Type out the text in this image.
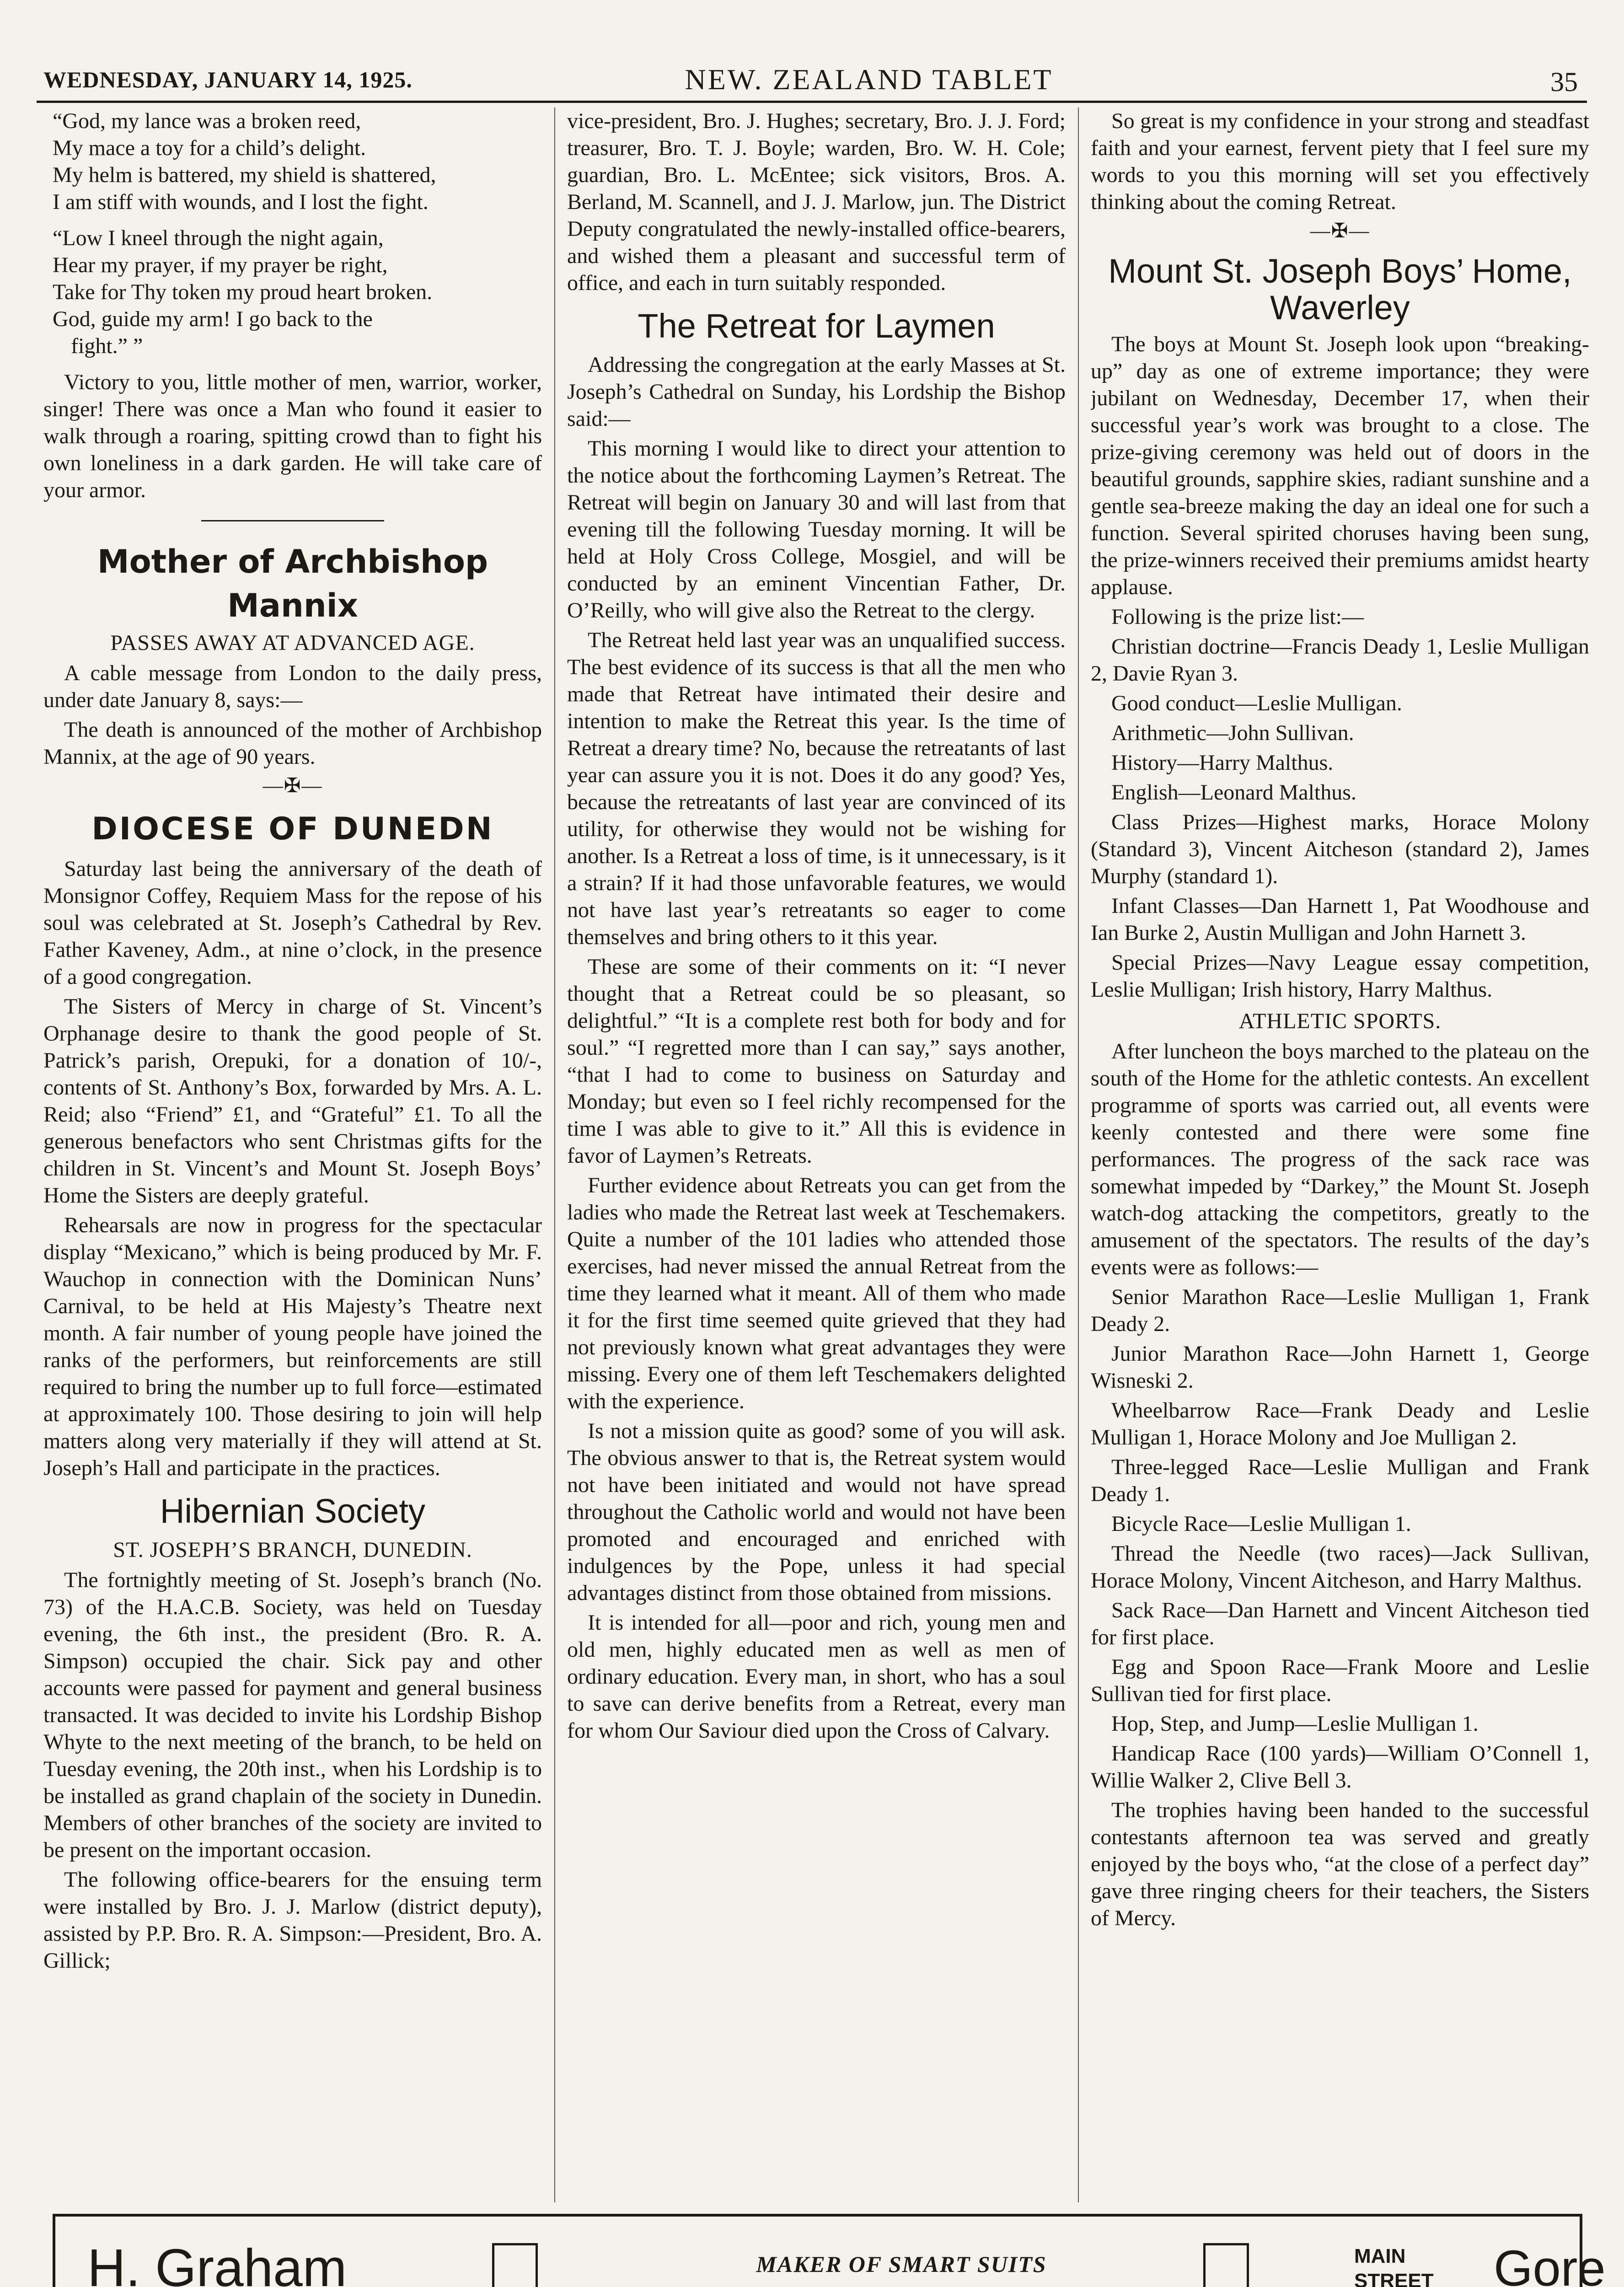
WEDNESDAY, JANUARY 14, 1925.	NEW. ZEALAND TABLET	35
“God, my lance was a broken reed,
My mace a toy for a child’s delight.
My helm is battered, my shield is shattered,
I am stiff with wounds, and I lost the fight.
“Low I kneel through the night again,
Hear my prayer, if my prayer be right,
Take for Thy token my proud heart broken.
God, guide my arm! I go back to the
fight.” ”

Victory to you, little mother of men, warrior, worker, singer! There was once a Man who found it easier to walk through a roaring, spitting crowd than to fight his own loneliness in a dark garden. He will take care of your armor.

Mother of Archbishop Mannix
PASSES AWAY AT ADVANCED AGE.

A cable message from London to the daily press, under date January 8, says:—

The death is announced of the mother of Archbishop Mannix, at the age of 90 years.

—✠—
DIOCESE OF DUNEDN

Saturday last being the anniversary of the death of Monsignor Coffey, Requiem Mass for the repose of his soul was celebrated at St. Joseph’s Cathedral by Rev. Father Kaveney, Adm., at nine o’clock, in the presence of a good congregation.

The Sisters of Mercy in charge of St. Vincent’s Orphanage desire to thank the good people of St. Patrick’s parish, Orepuki, for a donation of 10/-, contents of St. Anthony’s Box, forwarded by Mrs. A. L. Reid; also “Friend” £1, and “Grateful” £1. To all the generous benefactors who sent Christmas gifts for the children in St. Vincent’s and Mount St. Joseph Boys’ Home the Sisters are deeply grateful.

Rehearsals are now in progress for the spectacular display “Mexicano,” which is being produced by Mr. F. Wauchop in connection with the Dominican Nuns’ Carnival, to be held at His Majesty’s Theatre next month. A fair number of young people have joined the ranks of the performers, but reinforcements are still required to bring the number up to full force—estimated at approximately 100. Those desiring to join will help matters along very materially if they will attend at St. Joseph’s Hall and participate in the practices.

Hibernian Society
ST. JOSEPH’S BRANCH, DUNEDIN.

The fortnightly meeting of St. Joseph’s branch (No. 73) of the H.A.C.B. Society, was held on Tuesday evening, the 6th inst., the president (Bro. R. A. Simpson) occupied the chair. Sick pay and other accounts were passed for payment and general business transacted. It was decided to invite his Lordship Bishop Whyte to the next meeting of the branch, to be held on Tuesday evening, the 20th inst., when his Lordship is to be installed as grand chaplain of the society in Dunedin. Members of other branches of the society are invited to be present on the important occasion.

The following office-bearers for the ensuing term were installed by Bro. J. J. Marlow (district deputy), assisted by P.P. Bro. R. A. Simpson:—President, Bro. A. Gillick;

vice-president, Bro. J. Hughes; secretary, Bro. J. J. Ford; treasurer, Bro. T. J. Boyle; warden, Bro. W. H. Cole; guardian, Bro. L. McEntee; sick visitors, Bros. A. Berland, M. Scannell, and J. J. Marlow, jun. The District Deputy congratulated the newly-installed office-bearers, and wished them a pleasant and successful term of office, and each in turn suitably responded.

The Retreat for Laymen

Addressing the congregation at the early Masses at St. Joseph’s Cathedral on Sunday, his Lordship the Bishop said:—

This morning I would like to direct your attention to the notice about the forthcoming Laymen’s Retreat. The Retreat will begin on January 30 and will last from that evening till the following Tuesday morning. It will be held at Holy Cross College, Mosgiel, and will be conducted by an eminent Vincentian Father, Dr. O’Reilly, who will give also the Retreat to the clergy.

The Retreat held last year was an unqualified success. The best evidence of its success is that all the men who made that Retreat have intimated their desire and intention to make the Retreat this year. Is the time of Retreat a dreary time? No, because the retreatants of last year can assure you it is not. Does it do any good? Yes, because the retreatants of last year are convinced of its utility, for otherwise they would not be wishing for another. Is a Retreat a loss of time, is it unnecessary, is it a strain? If it had those unfavorable features, we would not have last year’s retreatants so eager to come themselves and bring others to it this year.

These are some of their comments on it: “I never thought that a Retreat could be so pleasant, so delightful.” “It is a complete rest both for body and for soul.” “I regretted more than I can say,” says another, “that I had to come to business on Saturday and Monday; but even so I feel richly recompensed for the time I was able to give to it.” All this is evidence in favor of Laymen’s Retreats.

Further evidence about Retreats you can get from the ladies who made the Retreat last week at Teschemakers. Quite a number of the 101 ladies who attended those exercises, had never missed the annual Retreat from the time they learned what it meant. All of them who made it for the first time seemed quite grieved that they had not previously known what great advantages they were missing. Every one of them left Teschemakers delighted with the experience.

Is not a mission quite as good? some of you will ask. The obvious answer to that is, the Retreat system would not have been initiated and would not have spread throughout the Catholic world and would not have been promoted and encouraged and enriched with indulgences by the Pope, unless it had special advantages distinct from those obtained from missions.

It is intended for all—poor and rich, young men and old men, highly educated men as well as men of ordinary education. Every man, in short, who has a soul to save can derive benefits from a Retreat, every man for whom Our Saviour died upon the Cross of Calvary.

So great is my confidence in your strong and steadfast faith and your earnest, fervent piety that I feel sure my words to you this morning will set you effectively thinking about the coming Retreat.

—✠—
Mount St. Joseph Boys’ Home,
Waverley

The boys at Mount St. Joseph look upon “breaking-up” day as one of extreme importance; they were jubilant on Wednesday, December 17, when their successful year’s work was brought to a close. The prize-giving ceremony was held out of doors in the beautiful grounds, sapphire skies, radiant sunshine and a gentle sea-breeze making the day an ideal one for such a function. Several spirited choruses having been sung, the prize-winners received their premiums amidst hearty applause.

Following is the prize list:—

Christian doctrine—Francis Deady 1, Leslie Mulligan 2, Davie Ryan 3.

Good conduct—Leslie Mulligan.

Arithmetic—John Sullivan.

History—Harry Malthus.

English—Leonard Malthus.

Class Prizes—Highest marks, Horace Molony (Standard 3), Vincent Aitcheson (standard 2), James Murphy (standard 1).

Infant Classes—Dan Harnett 1, Pat Woodhouse and Ian Burke 2, Austin Mulligan and John Harnett 3.

Special Prizes—Navy League essay competition, Leslie Mulligan; Irish history, Harry Malthus.

ATHLETIC SPORTS.

After luncheon the boys marched to the plateau on the south of the Home for the athletic contests. An excellent programme of sports was carried out, all events were keenly contested and there were some fine performances. The progress of the sack race was somewhat impeded by “Darkey,” the Mount St. Joseph watch-dog attacking the competitors, greatly to the amusement of the spectators. The results of the day’s events were as follows:—

Senior Marathon Race—Leslie Mulligan 1, Frank Deady 2.

Junior Marathon Race—John Harnett 1, George Wisneski 2.

Wheelbarrow Race—Frank Deady and Leslie Mulligan 1, Horace Molony and Joe Mulligan 2.

Three-legged Race—Leslie Mulligan and Frank Deady 1.

Bicycle Race—Leslie Mulligan 1.

Thread the Needle (two races)—Jack Sullivan, Horace Molony, Vincent Aitcheson, and Harry Malthus.

Sack Race—Dan Harnett and Vincent Aitcheson tied for first place.

Egg and Spoon Race—Frank Moore and Leslie Sullivan tied for first place.

Hop, Step, and Jump—Leslie Mulligan 1.

Handicap Race (100 yards)—William O’Connell 1, Willie Walker 2, Clive Bell 3.

The trophies having been handed to the successful contestants afternoon tea was served and greatly enjoyed by the boys who, “at the close of a perfect day” gave three ringing cheers for their teachers, the Sisters of Mercy.

H. Graham	MAKER OF SMART SUITS	MAIN
STREET Gore
